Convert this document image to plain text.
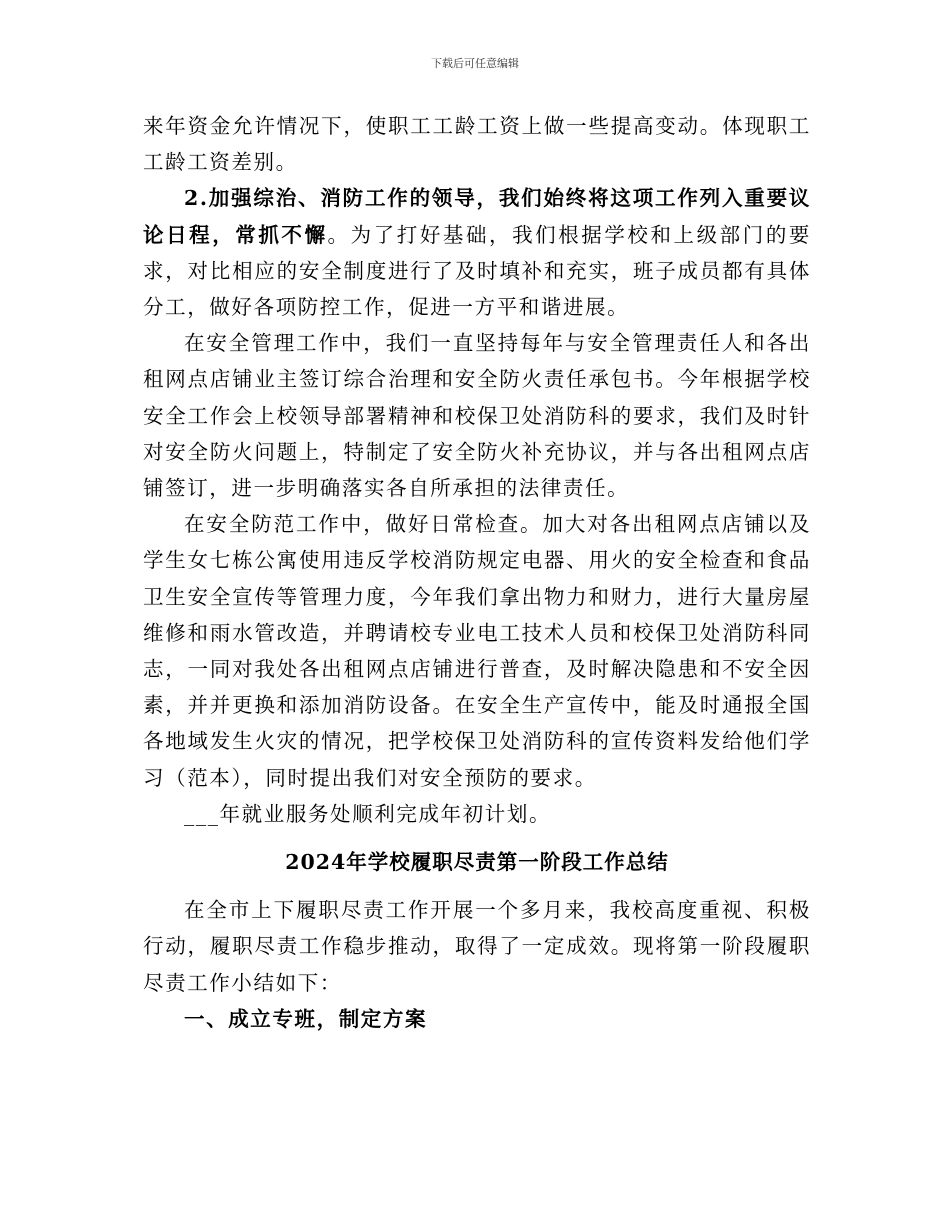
下载后可任意编辑

来年资金允许情况下，使职工工龄工资上做一些提高变动。体现职工工龄工资差别。

2.加强综治、消防工作的领导，我们始终将这项工作列入重要议论日程，常抓不懈。为了打好基础，我们根据学校和上级部门的要求，对比相应的安全制度进行了及时填补和充实，班子成员都有具体分工，做好各项防控工作，促进一方平和谐进展。

在安全管理工作中，我们一直坚持每年与安全管理责任人和各出租网点店铺业主签订综合治理和安全防火责任承包书。今年根据学校安全工作会上校领导部署精神和校保卫处消防科的要求，我们及时针对安全防火问题上，特制定了安全防火补充协议，并与各出租网点店铺签订，进一步明确落实各自所承担的法律责任。

在安全防范工作中，做好日常检查。加大对各出租网点店铺以及学生女七栋公寓使用违反学校消防规定电器、用火的安全检查和食品卫生安全宣传等管理力度，今年我们拿出物力和财力，进行大量房屋维修和雨水管改造，并聘请校专业电工技术人员和校保卫处消防科同志，一同对我处各出租网点店铺进行普查，及时解决隐患和不安全因素，并并更换和添加消防设备。在安全生产宣传中，能及时通报全国各地域发生火灾的情况，把学校保卫处消防科的宣传资料发给他们学习（范本），同时提出我们对安全预防的要求。

___年就业服务处顺利完成年初计划。

2024年学校履职尽责第一阶段工作总结

在全市上下履职尽责工作开展一个多月来，我校高度重视、积极行动，履职尽责工作稳步推动，取得了一定成效。现将第一阶段履职尽责工作小结如下：

一、成立专班，制定方案
